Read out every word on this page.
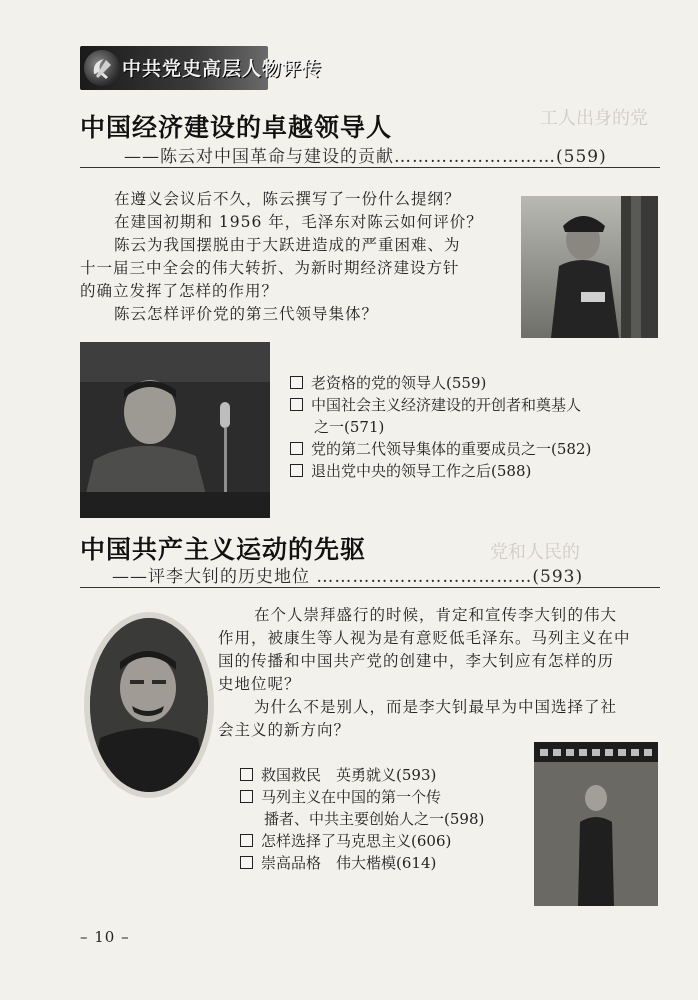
工人出身的党
党和人民的
中共党史高层人物评传
中国经济建设的卓越领导人
——陈云对中国革命与建设的贡献………………………(559)
在遵义会议后不久，陈云撰写了一份什么提纲？
在建国初期和 1956 年，毛泽东对陈云如何评价？
陈云为我国摆脱由于大跃进造成的严重困难、为
十一届三中全会的伟大转折、为新时期经济建设方针
的确立发挥了怎样的作用？
陈云怎样评价党的第三代领导集体？
老资格的党的领导人(559)
中国社会主义经济建设的开创者和奠基人
之一(571)
党的第二代领导集体的重要成员之一(582)
退出党中央的领导工作之后(588)
中国共产主义运动的先驱
——评李大钊的历史地位 ………………………………(593)
在个人崇拜盛行的时候，肯定和宣传李大钊的伟大
作用，被康生等人视为是有意贬低毛泽东。马列主义在中
国的传播和中国共产党的创建中，李大钊应有怎样的历
史地位呢？
为什么不是别人，而是李大钊最早为中国选择了社
会主义的新方向？
救国救民　英勇就义(593)
马列主义在中国的第一个传
播者、中共主要创始人之一(598)
怎样选择了马克思主义(606)
崇高品格　伟大楷模(614)
– 10 –
